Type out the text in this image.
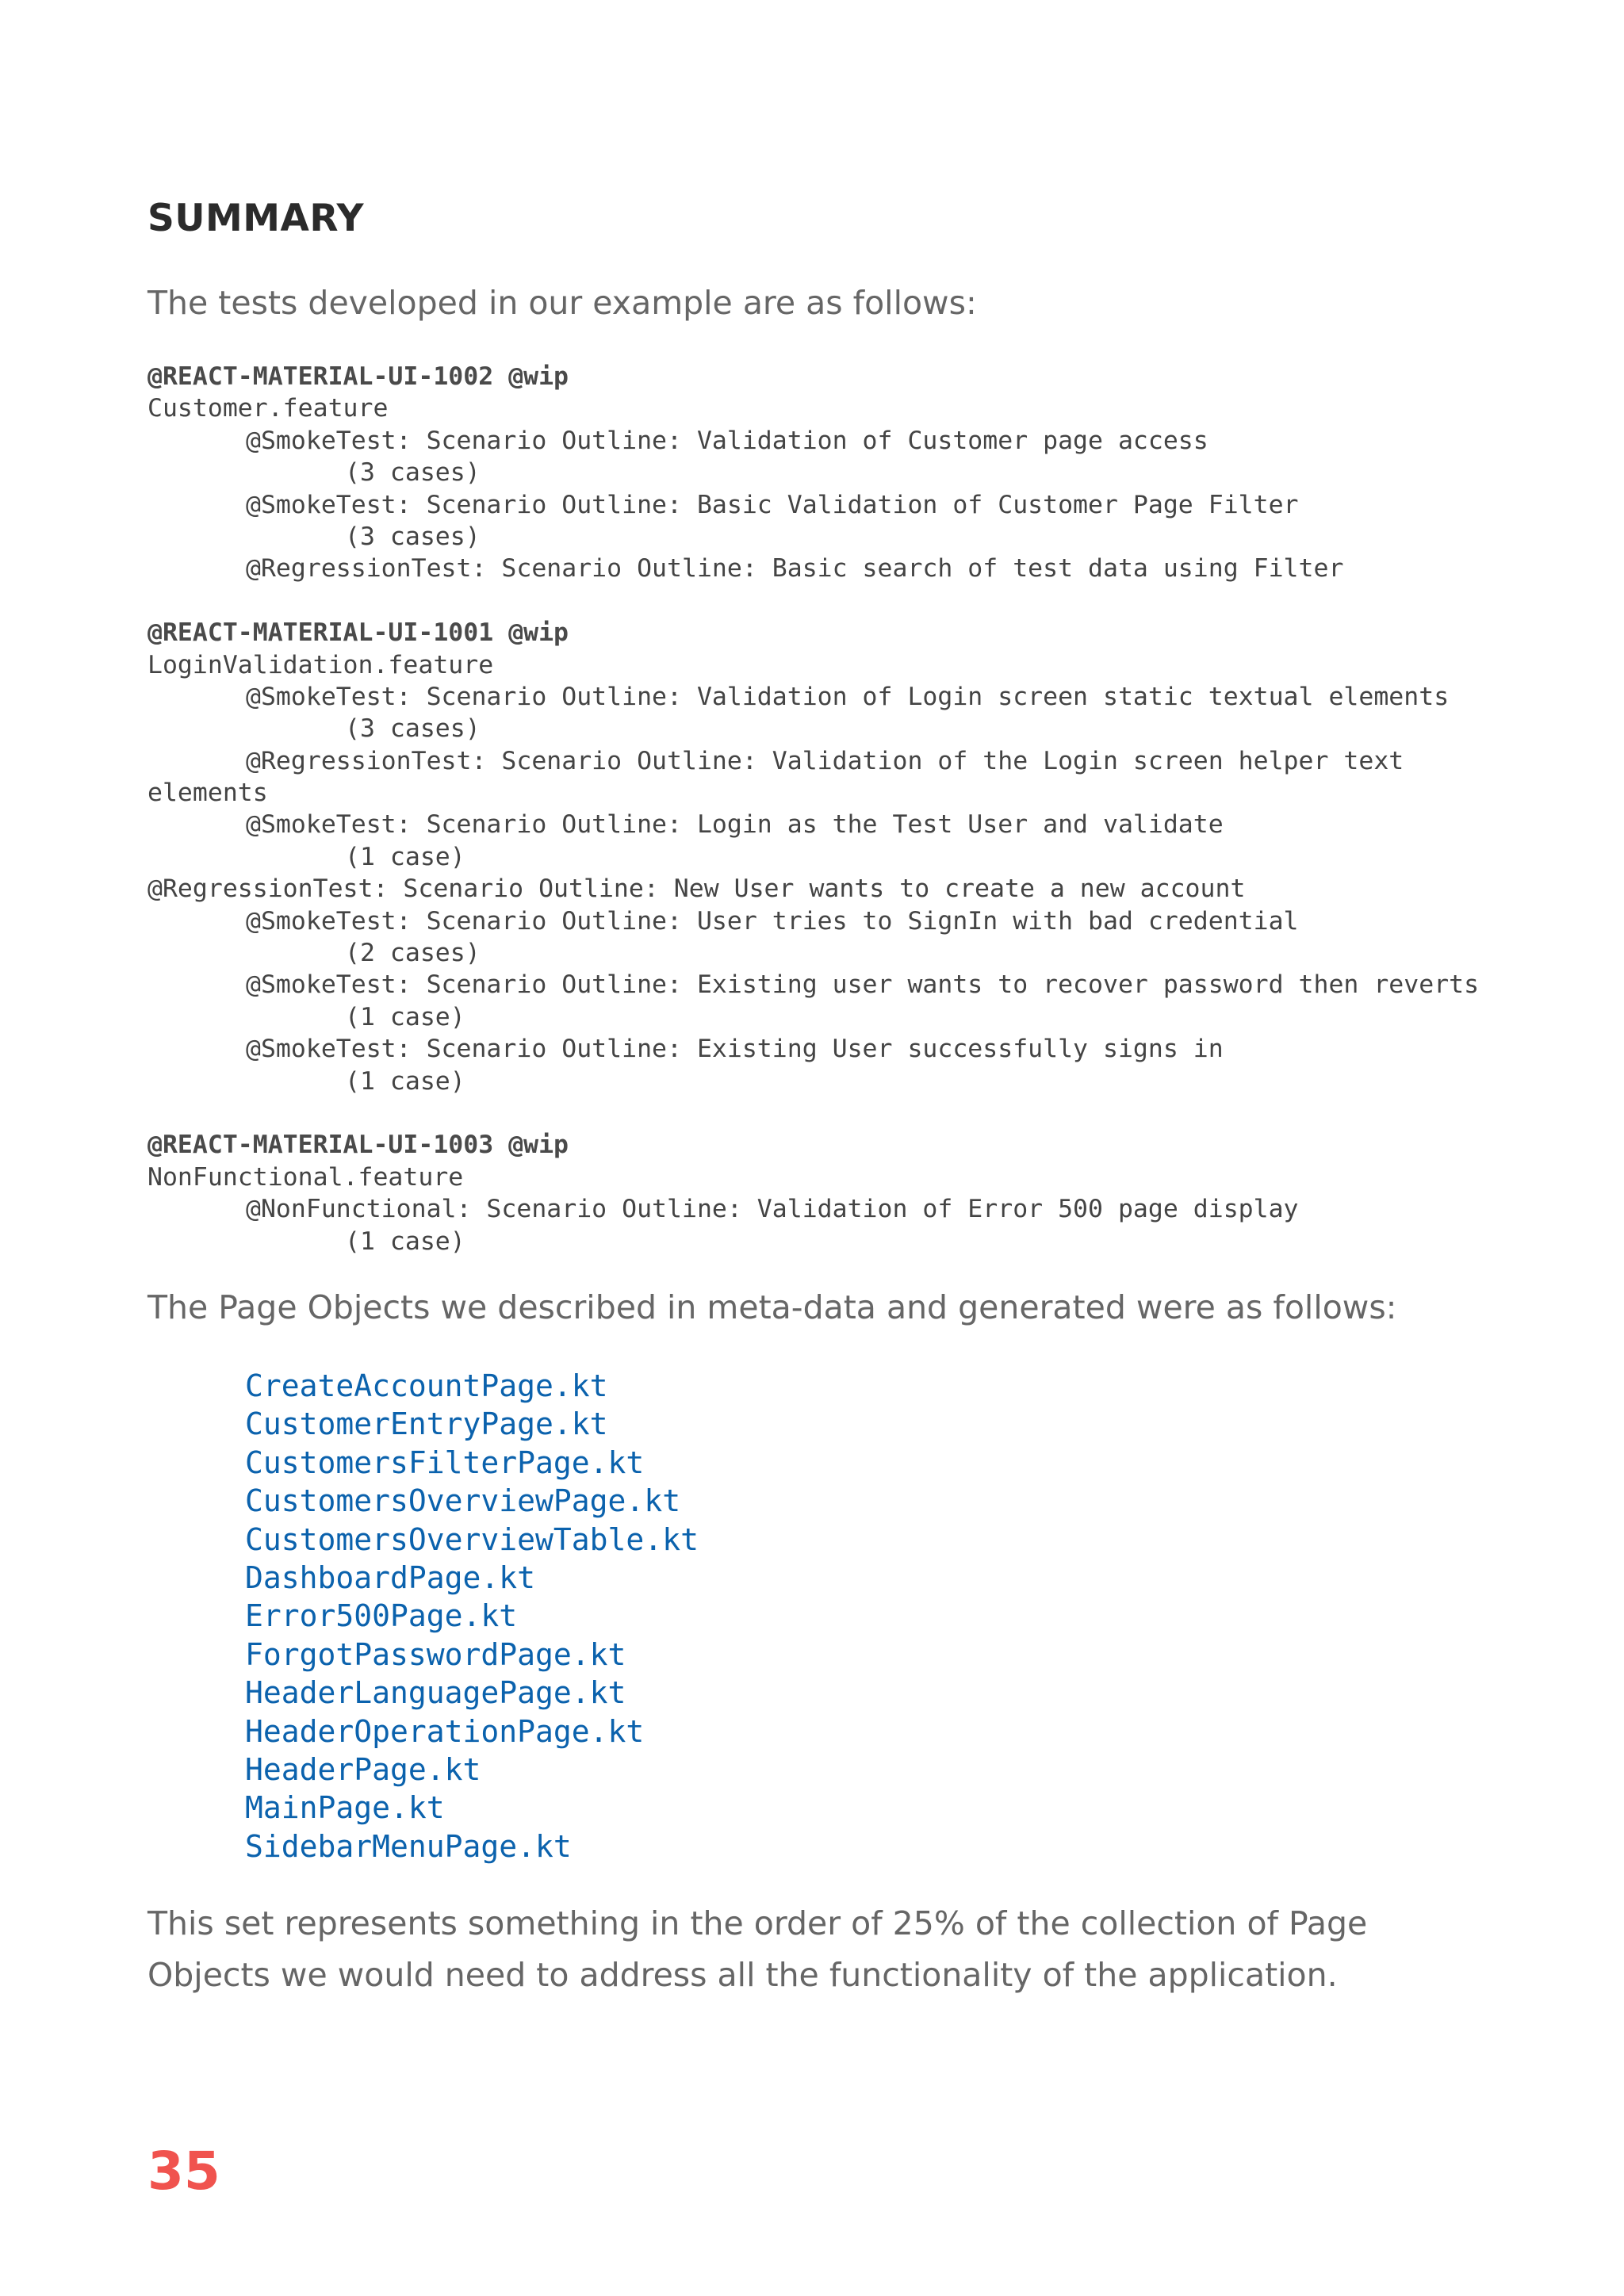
SUMMARY

The tests developed in our example are as follows:

@REACT-MATERIAL-UI-1002 @wip
Customer.feature
@SmokeTest: Scenario Outline: Validation of Customer page access
(3 cases)
@SmokeTest: Scenario Outline: Basic Validation of Customer Page Filter
(3 cases)
@RegressionTest: Scenario Outline: Basic search of test data using Filter
@REACT-MATERIAL-UI-1001 @wip
LoginValidation.feature
@SmokeTest: Scenario Outline: Validation of Login screen static textual elements
(3 cases)
@RegressionTest: Scenario Outline: Validation of the Login screen helper text
elements
@SmokeTest: Scenario Outline: Login as the Test User and validate
(1 case)
@RegressionTest: Scenario Outline: New User wants to create a new account
@SmokeTest: Scenario Outline: User tries to SignIn with bad credential
(2 cases)
@SmokeTest: Scenario Outline: Existing user wants to recover password then reverts
(1 case)
@SmokeTest: Scenario Outline: Existing User successfully signs in
(1 case)
@REACT-MATERIAL-UI-1003 @wip
NonFunctional.feature
@NonFunctional: Scenario Outline: Validation of Error 500 page display
(1 case)

The Page Objects we described in meta-data and generated were as follows:

CreateAccountPage.kt
CustomerEntryPage.kt
CustomersFilterPage.kt
CustomersOverviewPage.kt
CustomersOverviewTable.kt
DashboardPage.kt
Error500Page.kt
ForgotPasswordPage.kt
HeaderLanguagePage.kt
HeaderOperationPage.kt
HeaderPage.kt
MainPage.kt
SidebarMenuPage.kt
This set represents something in the order of 25% of the collection of Page
Objects we would need to address all the functionality of the application.
35
